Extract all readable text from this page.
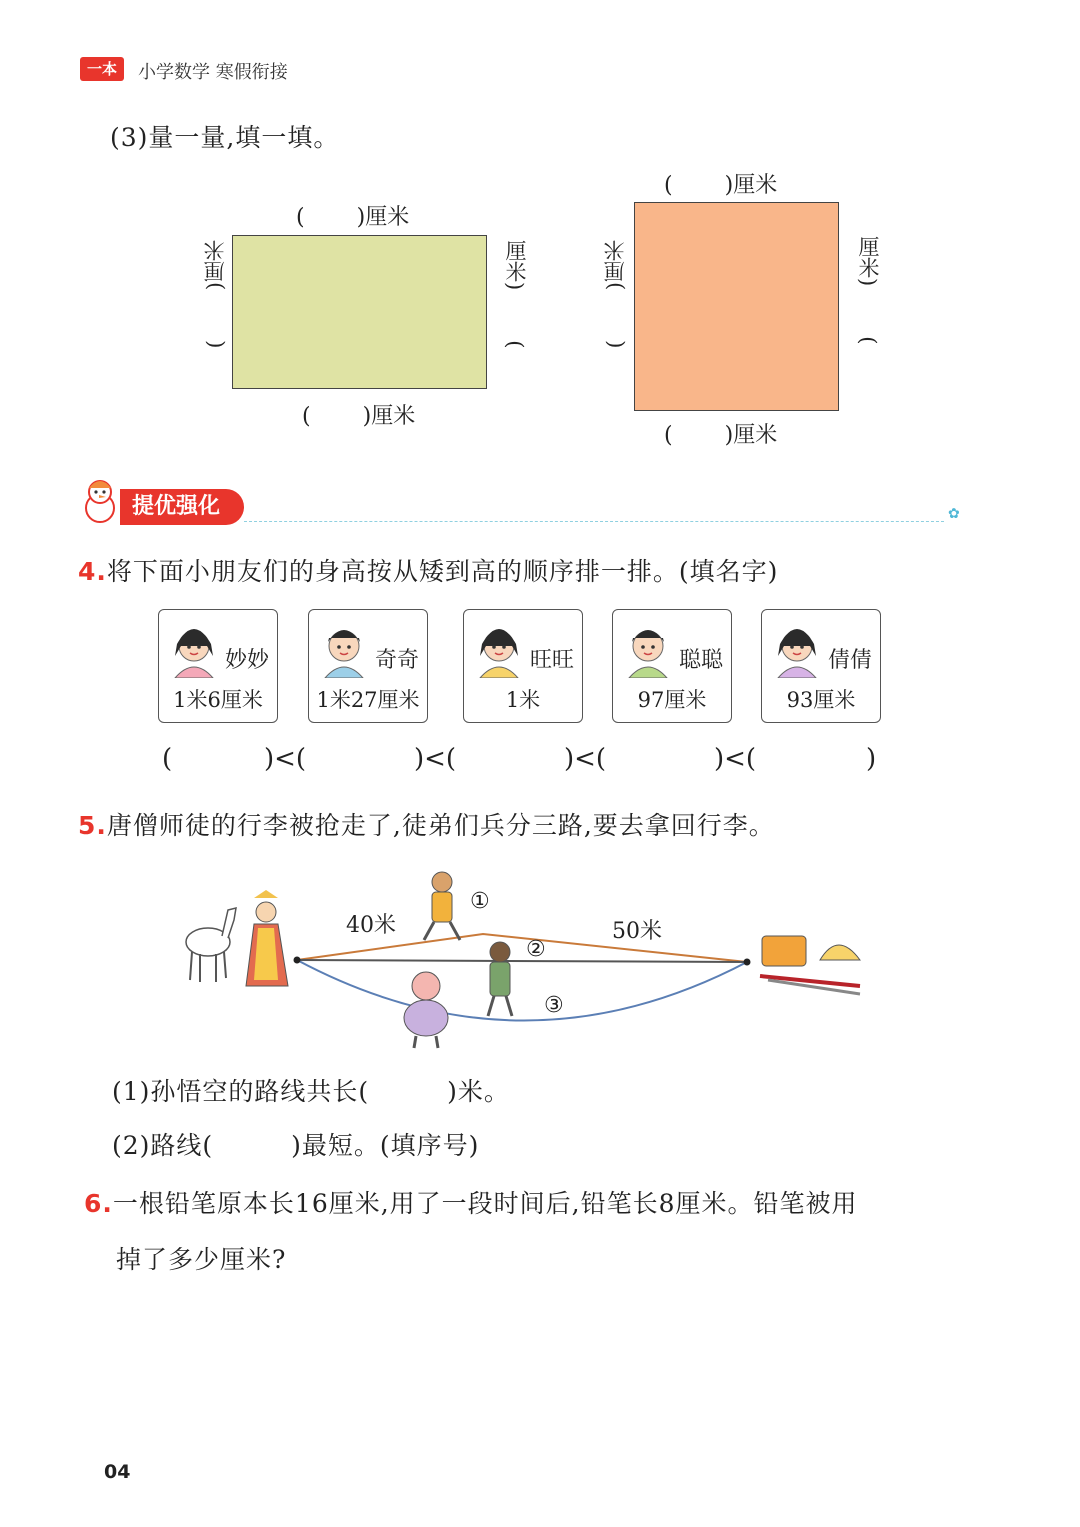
一本	小学数学 寒假衔接
(3)量一量,填一填。
( )厘米
( )厘米
()厘米	厘米)(
( )厘米
( )厘米
()厘米	厘米)(
提优强化	✿
4.将下面小朋友们的身高按从矮到高的顺序排一排。(填名字)
妙妙
1米6厘米
奇奇
1米27厘米
旺旺
1米
聪聪
97厘米
倩倩
93厘米
(	)<(	)<(	)<(	)<(	)
5.唐僧师徒的行李被抢走了,徒弟们兵分三路,要去拿回行李。
40米	50米
①
②
③
(1)孙悟空的路线共长(　　　)米。
(2)路线(　　　)最短。(填序号)
6.一根铅笔原本长16厘米,用了一段时间后,铅笔长8厘米。铅笔被用
掉了多少厘米?
04
